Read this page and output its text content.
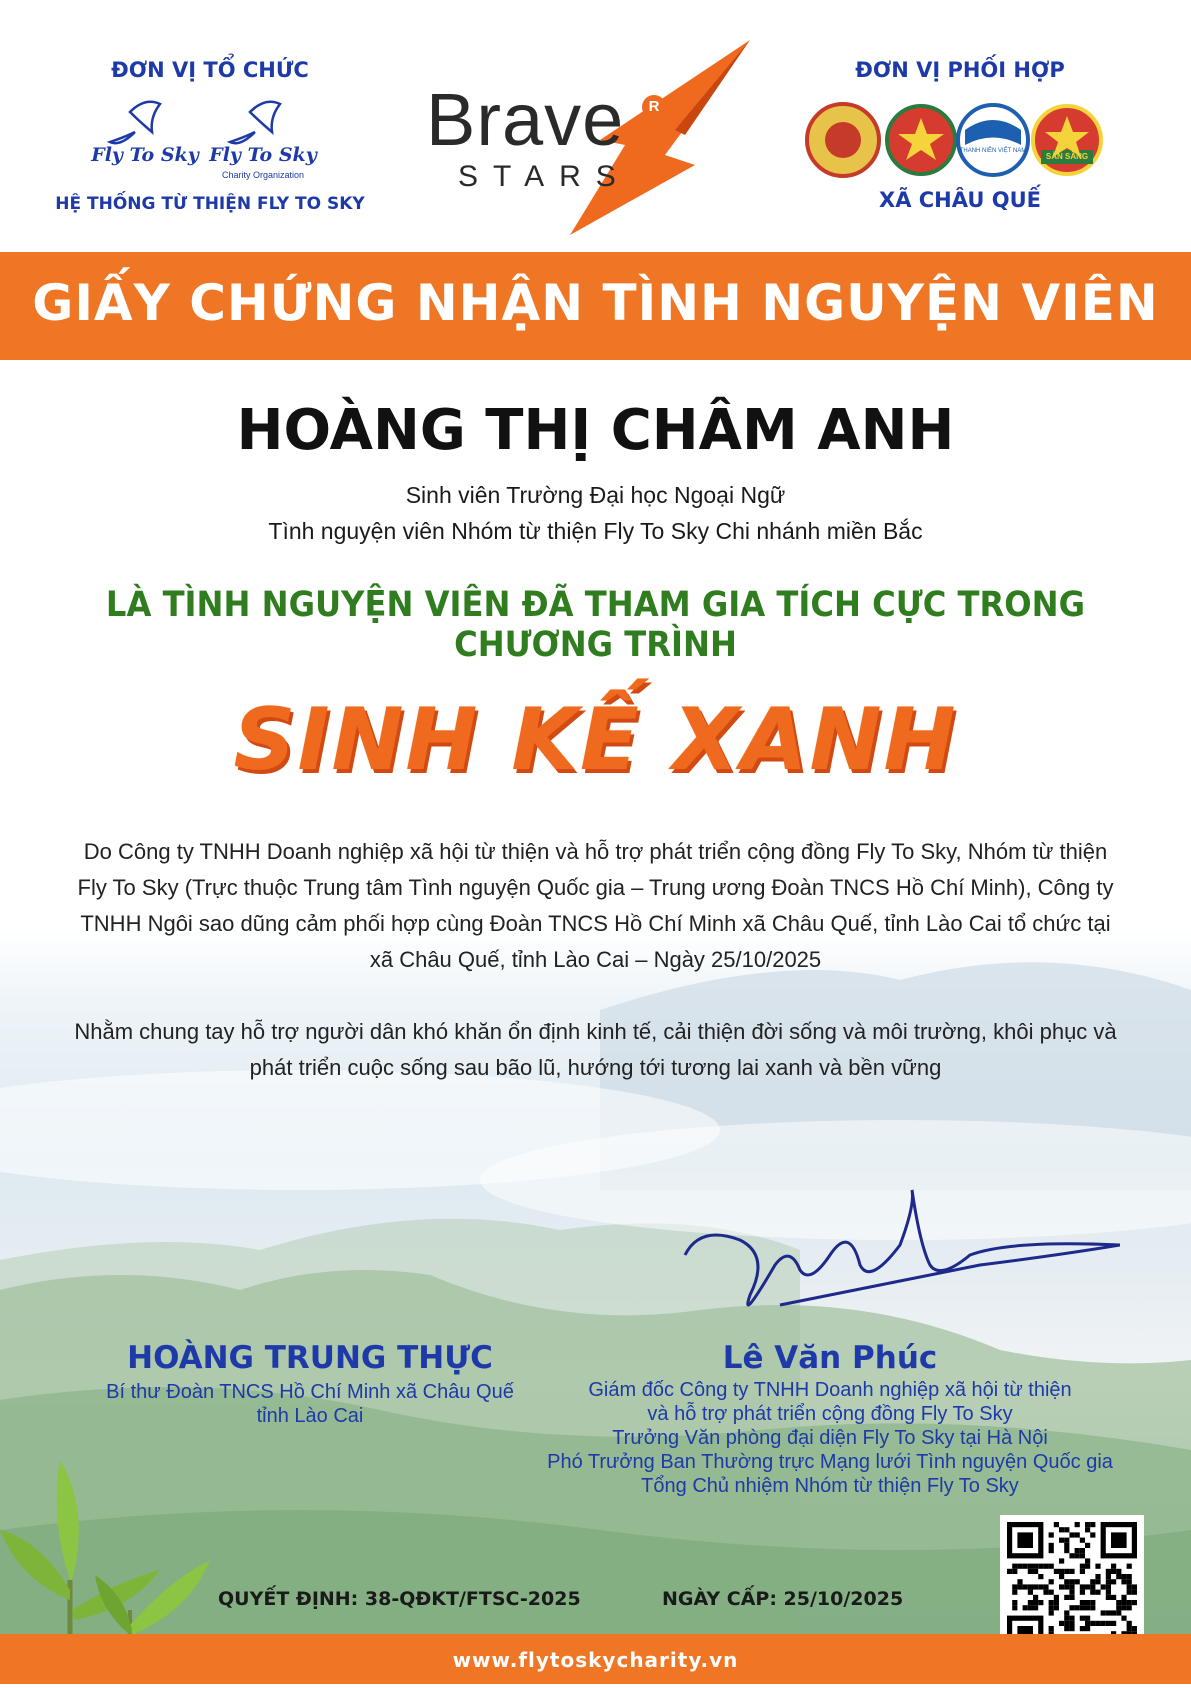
ĐƠN VỊ TỔ CHỨC
Fly To Sky Fly To Sky
Charity Organization
HỆ THỐNG TỪ THIỆN FLY TO SKY
Brave	R
STARS
ĐƠN VỊ PHỐI HỢP
THANH NIÊN VIỆT NAM
SẴN SÀNG
XÃ CHÂU QUẾ
GIẤY CHỨNG NHẬN TÌNH NGUYỆN VIÊN
HOÀNG THỊ CHÂM ANH
Sinh viên Trường Đại học Ngoại Ngữ
Tình nguyện viên Nhóm từ thiện Fly To Sky Chi nhánh miền Bắc
LÀ TÌNH NGUYỆN VIÊN ĐÃ THAM GIA TÍCH CỰC TRONG CHƯƠNG TRÌNH
SINH KẾ XANH
Do Công ty TNHH Doanh nghiệp xã hội từ thiện và hỗ trợ phát triển cộng đồng Fly To Sky, Nhóm từ thiện Fly To Sky (Trực thuộc Trung tâm Tình nguyện Quốc gia – Trung ương Đoàn TNCS Hồ Chí Minh), Công ty TNHH Ngôi sao dũng cảm phối hợp cùng Đoàn TNCS Hồ Chí Minh xã Châu Quế, tỉnh Lào Cai tổ chức tại xã Châu Quế, tỉnh Lào Cai – Ngày 25/10/2025
Nhằm chung tay hỗ trợ người dân khó khăn ổn định kinh tế, cải thiện đời sống và môi trường, khôi phục và phát triển cuộc sống sau bão lũ, hướng tới tương lai xanh và bền vững
HOÀNG TRUNG THỰC
Bí thư Đoàn TNCS Hồ Chí Minh xã Châu Quế
tỉnh Lào Cai
Lê Văn Phúc
Giám đốc Công ty TNHH Doanh nghiệp xã hội từ thiện
và hỗ trợ phát triển cộng đồng Fly To Sky
Trưởng Văn phòng đại diện Fly To Sky tại Hà Nội
Phó Trưởng Ban Thường trực Mạng lưới Tình nguyện Quốc gia
Tổng Chủ nhiệm Nhóm từ thiện Fly To Sky
QUYẾT ĐỊNH: 38-QĐKT/FTSC-2025	NGÀY CẤP: 25/10/2025
www.flytoskycharity.vn
